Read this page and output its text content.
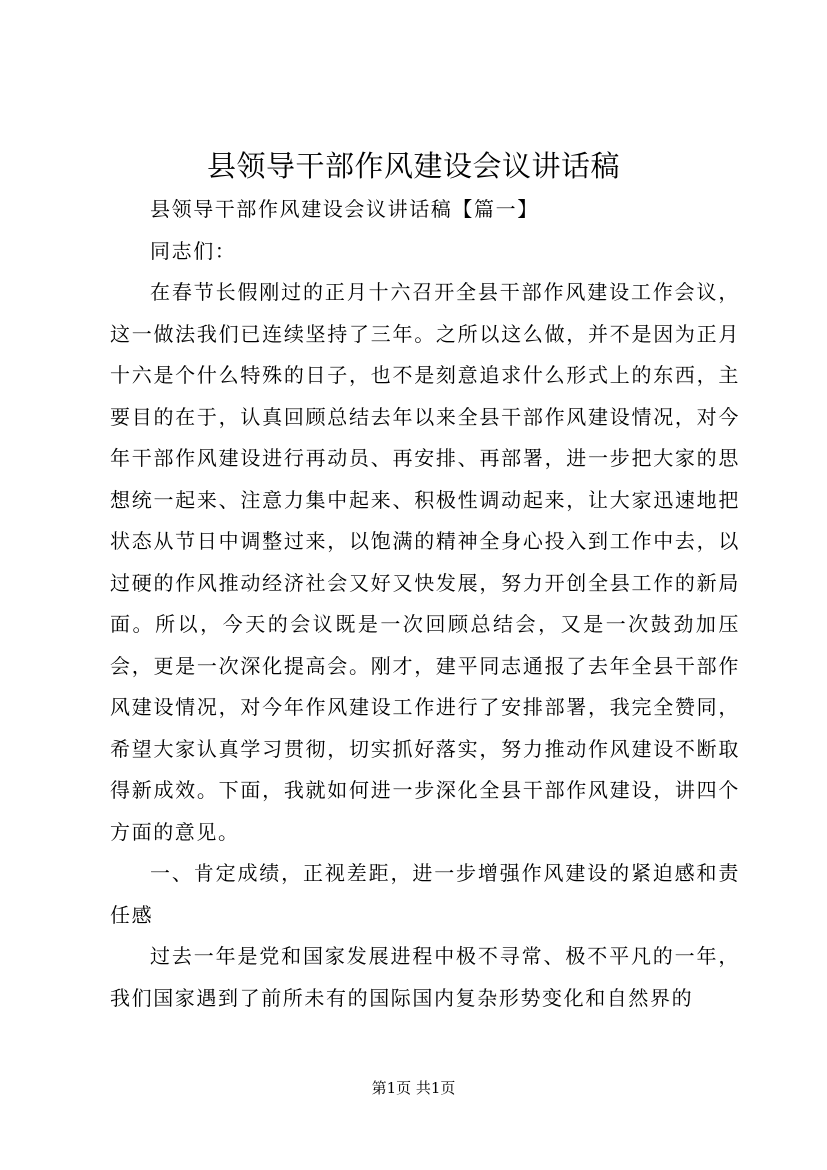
县领导干部作风建设会议讲话稿

县领导干部作风建设会议讲话稿【篇一】

同志们：

在春节长假刚过的正月十六召开全县干部作风建设工作会议，这一做法我们已连续坚持了三年。之所以这么做，并不是因为正月十六是个什么特殊的日子，也不是刻意追求什么形式上的东西，主要目的在于，认真回顾总结去年以来全县干部作风建设情况，对今年干部作风建设进行再动员、再安排、再部署，进一步把大家的思想统一起来、注意力集中起来、积极性调动起来，让大家迅速地把状态从节日中调整过来，以饱满的精神全身心投入到工作中去，以过硬的作风推动经济社会又好又快发展，努力开创全县工作的新局面。所以，今天的会议既是一次回顾总结会，又是一次鼓劲加压会，更是一次深化提高会。刚才，建平同志通报了去年全县干部作风建设情况，对今年作风建设工作进行了安排部署，我完全赞同，希望大家认真学习贯彻，切实抓好落实，努力推动作风建设不断取得新成效。下面，我就如何进一步深化全县干部作风建设，讲四个方面的意见。

一、肯定成绩，正视差距，进一步增强作风建设的紧迫感和责任感

过去一年是党和国家发展进程中极不寻常、极不平凡的一年，我们国家遇到了前所未有的国际国内复杂形势变化和自然界的

第1页 共1页
